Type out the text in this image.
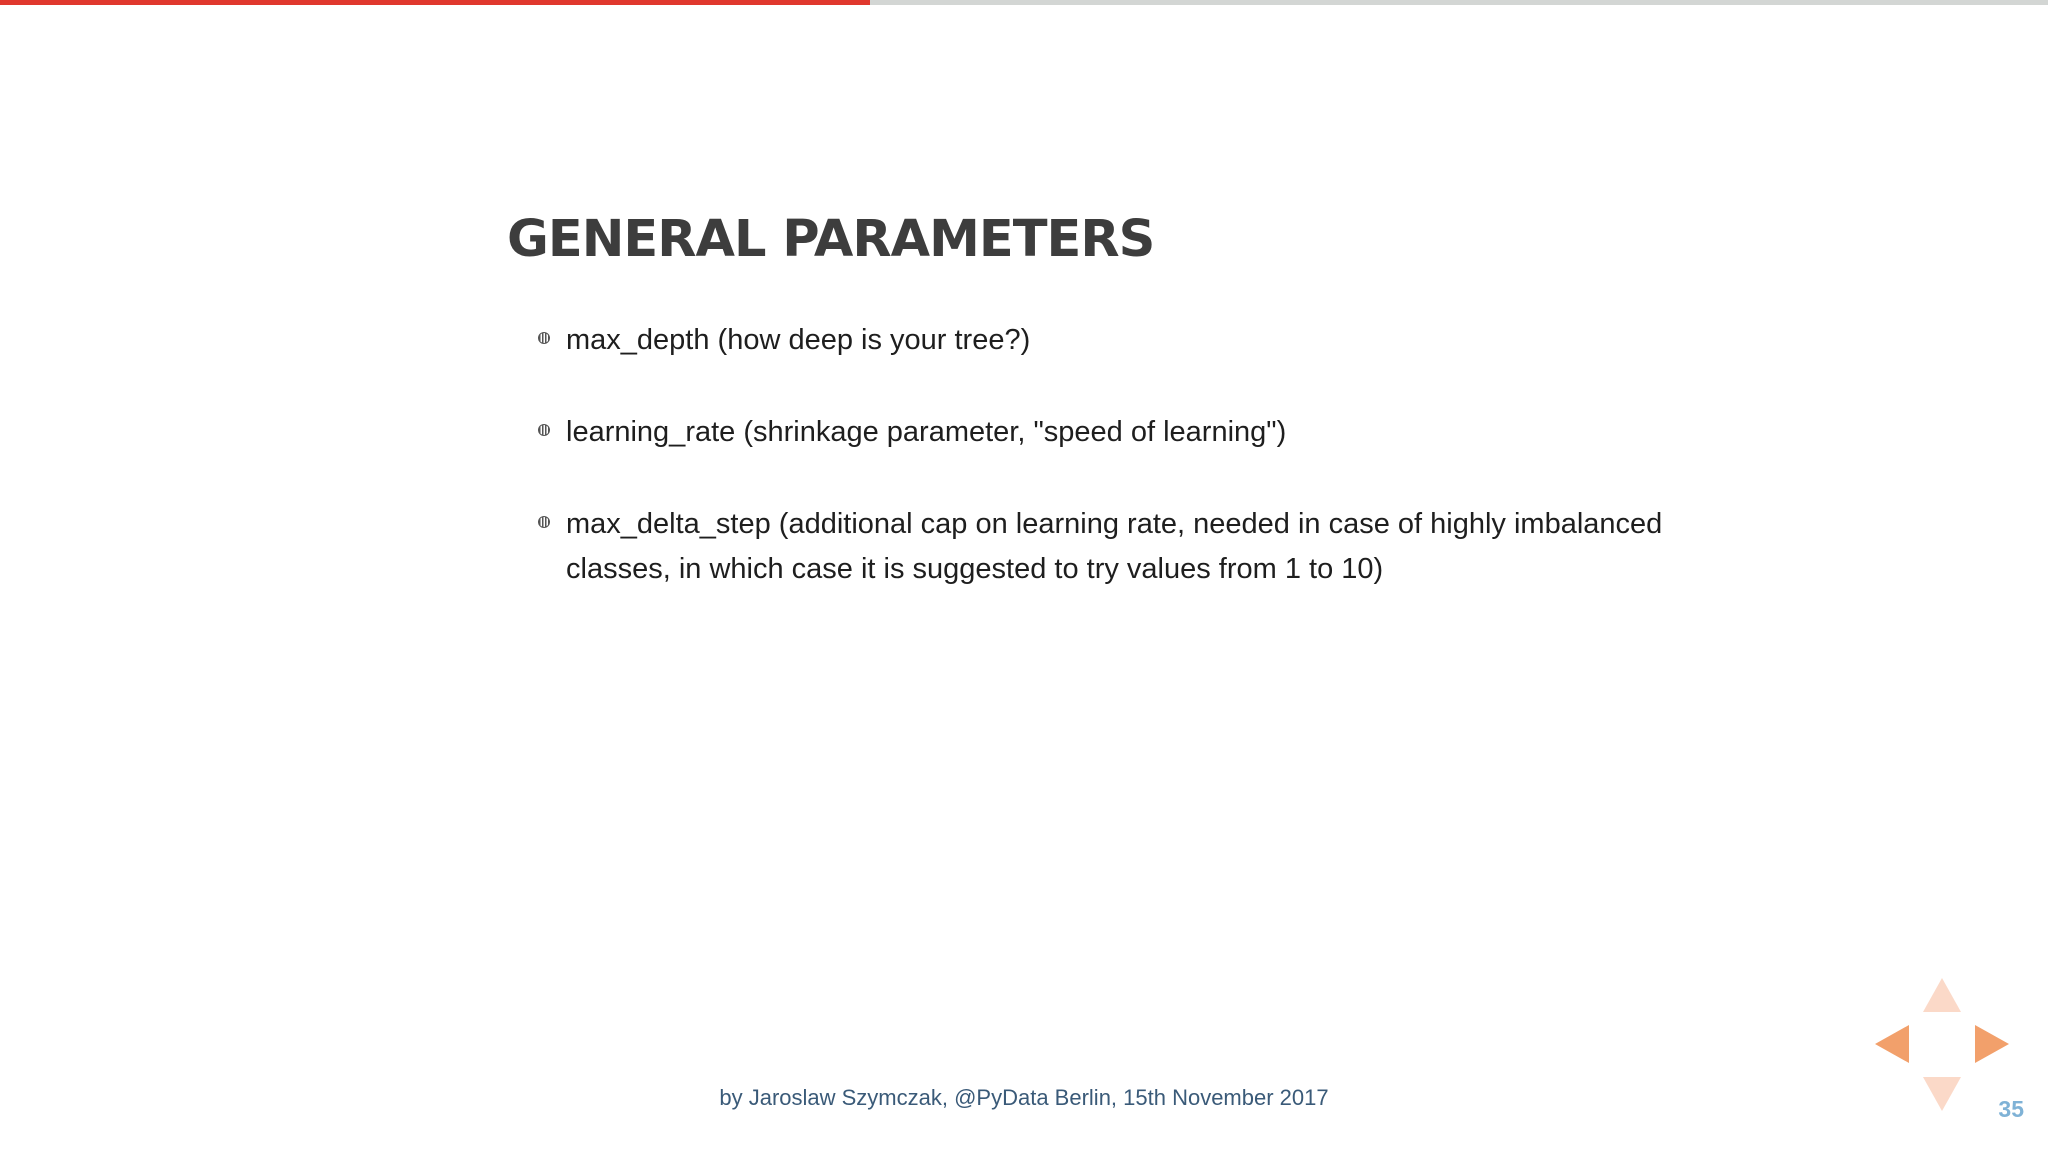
GENERAL PARAMETERS
max_depth (how deep is your tree?)
learning_rate (shrinkage parameter, "speed of learning")
max_delta_step (additional cap on learning rate, needed in case of highly imbalanced classes, in which case it is suggested to try values from 1 to 10)
by Jaroslaw Szymczak, @PyData Berlin, 15th November 2017	35
